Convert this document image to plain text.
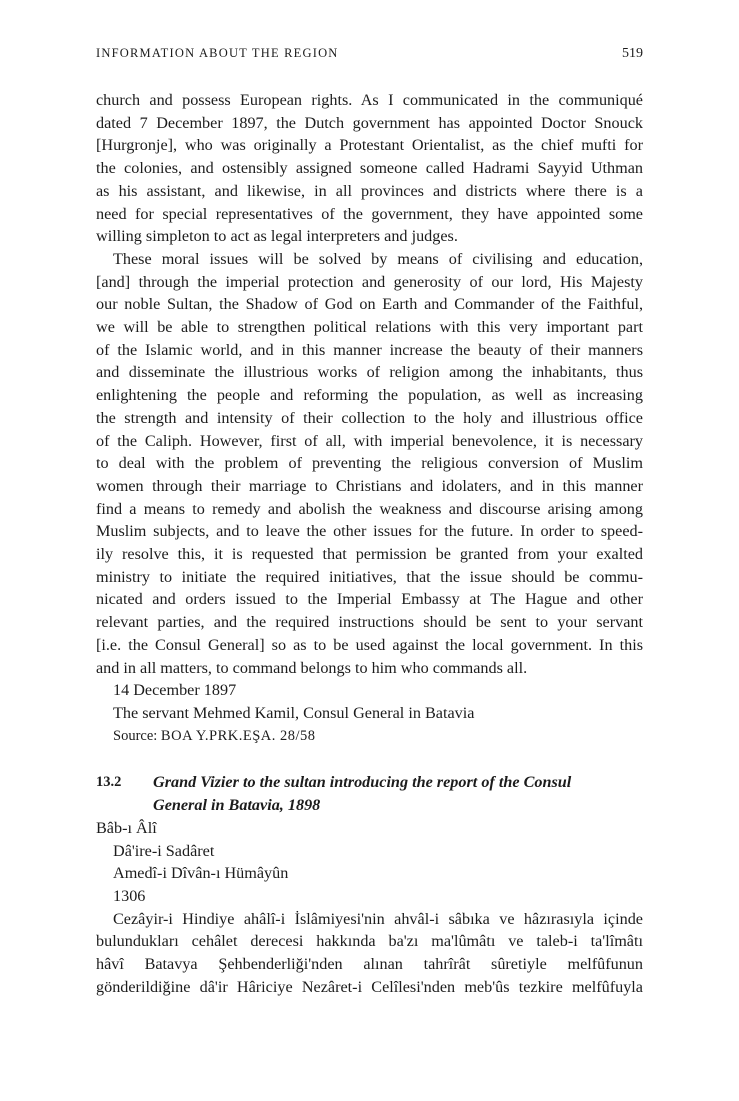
INFORMATION ABOUT THE REGION	519
church and possess European rights. As I communicated in the communiqué
dated 7 December 1897, the Dutch government has appointed Doctor Snouck
[Hurgronje], who was originally a Protestant Orientalist, as the chief mufti for
the colonies, and ostensibly assigned someone called Hadrami Sayyid Uthman
as his assistant, and likewise, in all provinces and districts where there is a
need for special representatives of the government, they have appointed some
willing simpleton to act as legal interpreters and judges.
These moral issues will be solved by means of civilising and education,
[and] through the imperial protection and generosity of our lord, His Majesty
our noble Sultan, the Shadow of God on Earth and Commander of the Faithful,
we will be able to strengthen political relations with this very important part
of the Islamic world, and in this manner increase the beauty of their manners
and disseminate the illustrious works of religion among the inhabitants, thus
enlightening the people and reforming the population, as well as increasing
the strength and intensity of their collection to the holy and illustrious office
of the Caliph. However, first of all, with imperial benevolence, it is necessary
to deal with the problem of preventing the religious conversion of Muslim
women through their marriage to Christians and idolaters, and in this manner
find a means to remedy and abolish the weakness and discourse arising among
Muslim subjects, and to leave the other issues for the future. In order to speed-
ily resolve this, it is requested that permission be granted from your exalted
ministry to initiate the required initiatives, that the issue should be commu-
nicated and orders issued to the Imperial Embassy at The Hague and other
relevant parties, and the required instructions should be sent to your servant
[i.e. the Consul General] so as to be used against the local government. In this
and in all matters, to command belongs to him who commands all.
14 December 1897
The servant Mehmed Kamil, Consul General in Batavia
Source: BOA Y.PRK.EŞA. 28/58
13.2	Grand Vizier to the sultan introducing the report of the Consul
General in Batavia, 1898
Bâb-ı Âlî
Dâ'ire-i Sadâret
Amedî-i Dîvân-ı Hümâyûn
1306
Cezâyir-i Hindiye ahâlî-i İslâmiyesi'nin ahvâl-i sâbıka ve hâzırasıyla içinde
bulundukları cehâlet derecesi hakkında ba'zı ma'lûmâtı ve taleb-i ta'lîmâtı
hâvî Batavya Şehbenderliği'nden alınan tahrîrât sûretiyle melfûfunun
gönderildiğine dâ'ir Hâriciye Nezâret-i Celîlesi'nden meb'ûs tezkire melfûfuyla
